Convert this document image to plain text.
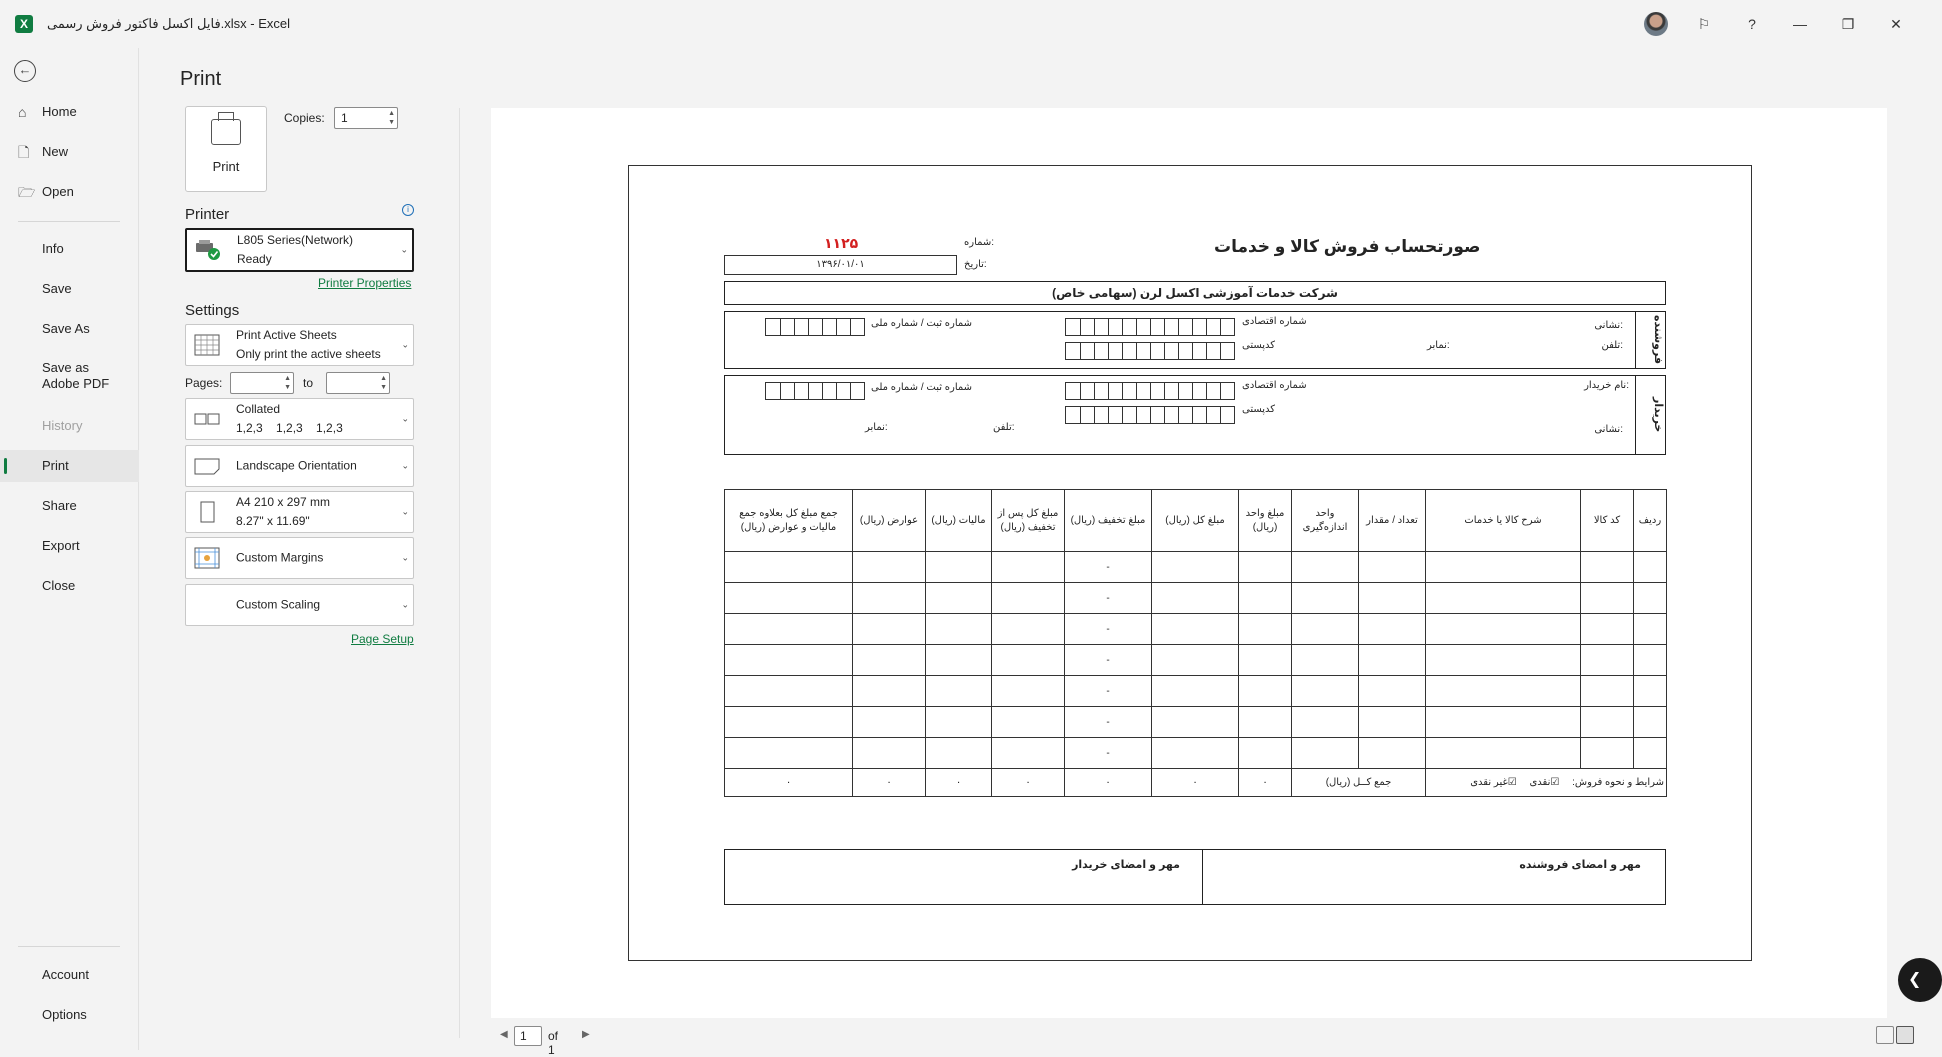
X	فایل اکسل فاکتور فروش رسمی.xlsx - Excel	⚐	?	— ❐	✕
←
⌂ Home
🗋 New
🗁 Open
Info
Save
Save As
Save as Adobe PDF
History
Print
Share
Export
Close
Account
Options
Print
Print
Copies:	1	▲
▼
Printer	i
L805 Series(Network)
Ready
⌄
Printer Properties
Settings
Print Active Sheets
Only print the active sheets
⌄
Pages:	▲
▼ to	▲
▼
Collated
1,2,3    1,2,3    1,2,3
⌄
Landscape Orientation	⌄
A4 210 x 297 mm
8.27" x 11.69"
⌄
Custom Margins	⌄
Custom Scaling	⌄
Page Setup
صورتحساب فروش کالا و خدمات
شماره:
۱۱۲۵
تاریخ:
۱۳۹۶/۰۱/۰۱
شرکت خدمات آموزشی اکسل‌ لرن (سهامی خاص)
فروشنده
نشانی:
تلفن:
نمابر:
شماره اقتصادی
کدپستی
شماره ثبت / شماره ملی
خریدار
نام خریدار:
نشانی:
تلفن:
نمابر:
شماره اقتصادی
کدپستی
شماره ثبت / شماره ملی
ردیف	کد کالا	شرح کالا یا خدمات	تعداد / مقدار	واحد اندازه‌گیری	مبلغ واحد (ریال)	مبلغ کل (ریال)	مبلغ تخفیف (ریال)	مبلغ کل پس از تخفیف (ریال)	مالیات (ریال)	عوارض (ریال)	جمع مبلغ کل بعلاوه جمع مالیات و عوارض (ریال)
							-				
							-				
							-				
							-				
							-				
							-				
							-				
شرایط و نحوه فروش: ☑نقدی ☑غیر نقدی			جمع کــل (ریال)		۰	۰	۰	۰	۰	۰	۰
مهر و امضای خریدار	مهر و امضای فروشنده
◀	1	of 1
▶
❮
